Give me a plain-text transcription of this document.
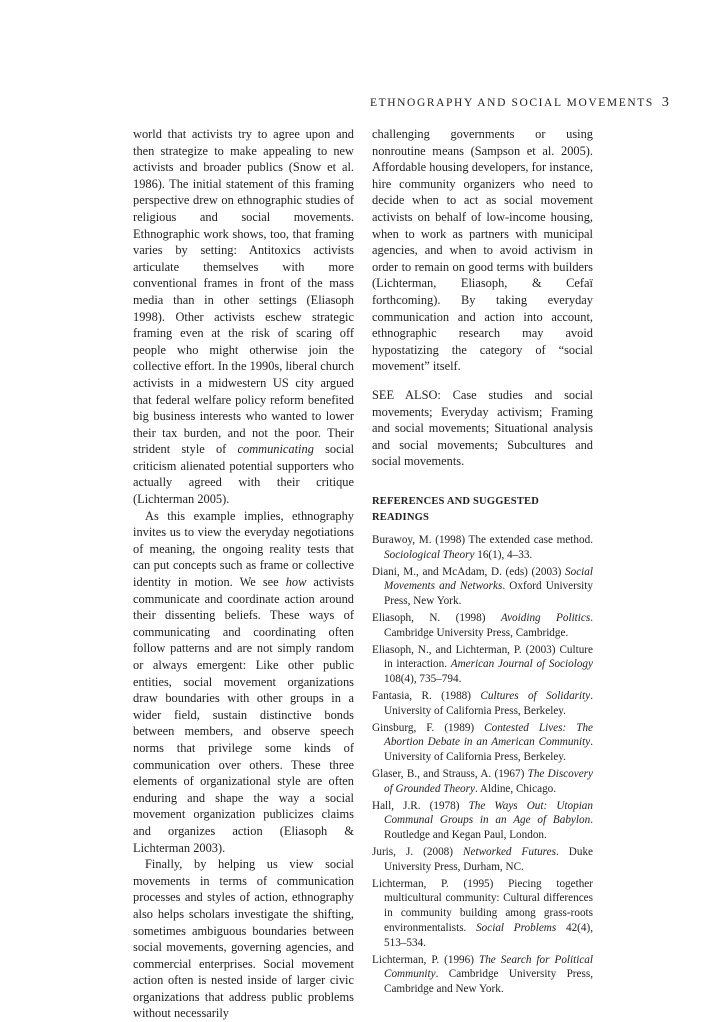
ETHNOGRAPHY AND SOCIAL MOVEMENTS 3

world that activists try to agree upon and then strategize to make appealing to new activists and broader publics (Snow et al. 1986). The initial statement of this framing perspective drew on ethnographic studies of religious and social movements. Ethnographic work shows, too, that framing varies by setting: Antitoxics activists articulate themselves with more conventional frames in front of the mass media than in other settings (Eliasoph 1998). Other activists eschew strategic framing even at the risk of scaring off people who might otherwise join the collective effort. In the 1990s, liberal church activists in a midwestern US city argued that federal welfare policy reform benefited big business interests who wanted to lower their tax burden, and not the poor. Their strident style of communicating social criticism alienated potential supporters who actually agreed with their critique (Lichterman 2005).

As this example implies, ethnography invites us to view the everyday negotiations of meaning, the ongoing reality tests that can put concepts such as frame or collective identity in motion. We see how activists communicate and coordinate action around their dissenting beliefs. These ways of communicating and coordinating often follow patterns and are not simply random or always emergent: Like other public entities, social movement organizations draw boundaries with other groups in a wider field, sustain distinctive bonds between members, and observe speech norms that privilege some kinds of communication over others. These three elements of organizational style are often enduring and shape the way a social movement organization publicizes claims and organizes action (Eliasoph & Lichterman 2003).

Finally, by helping us view social movements in terms of communication processes and styles of action, ethnography also helps scholars investigate the shifting, sometimes ambiguous boundaries between social movements, governing agencies, and commercial enterprises. Social movement action often is nested inside of larger civic organizations that address public problems without necessarily

challenging governments or using nonroutine means (Sampson et al. 2005). Affordable housing developers, for instance, hire community organizers who need to decide when to act as social movement activists on behalf of low-income housing, when to work as partners with municipal agencies, and when to avoid activism in order to remain on good terms with builders (Lichterman, Eliasoph, & Cefaï forthcoming). By taking everyday communication and action into account, ethnographic research may avoid hypostatizing the category of “social movement” itself.

SEE ALSO: Case studies and social movements; Everyday activism; Framing and social movements; Situational analysis and social movements; Subcultures and social movements.

REFERENCES AND SUGGESTED READINGS

Burawoy, M. (1998) The extended case method. Sociological Theory 16(1), 4–33.

Diani, M., and McAdam, D. (eds) (2003) Social Movements and Networks. Oxford University Press, New York.

Eliasoph, N. (1998) Avoiding Politics. Cambridge University Press, Cambridge.

Eliasoph, N., and Lichterman, P. (2003) Culture in interaction. American Journal of Sociology 108(4), 735–794.

Fantasia, R. (1988) Cultures of Solidarity. University of California Press, Berkeley.

Ginsburg, F. (1989) Contested Lives: The Abortion Debate in an American Community. University of California Press, Berkeley.

Glaser, B., and Strauss, A. (1967) The Discovery of Grounded Theory. Aldine, Chicago.

Hall, J.R. (1978) The Ways Out: Utopian Communal Groups in an Age of Babylon. Routledge and Kegan Paul, London.

Juris, J. (2008) Networked Futures. Duke University Press, Durham, NC.

Lichterman, P. (1995) Piecing together multicultural community: Cultural differences in community building among grass-roots environmentalists. Social Problems 42(4), 513–534.

Lichterman, P. (1996) The Search for Political Community. Cambridge University Press, Cambridge and New York.
